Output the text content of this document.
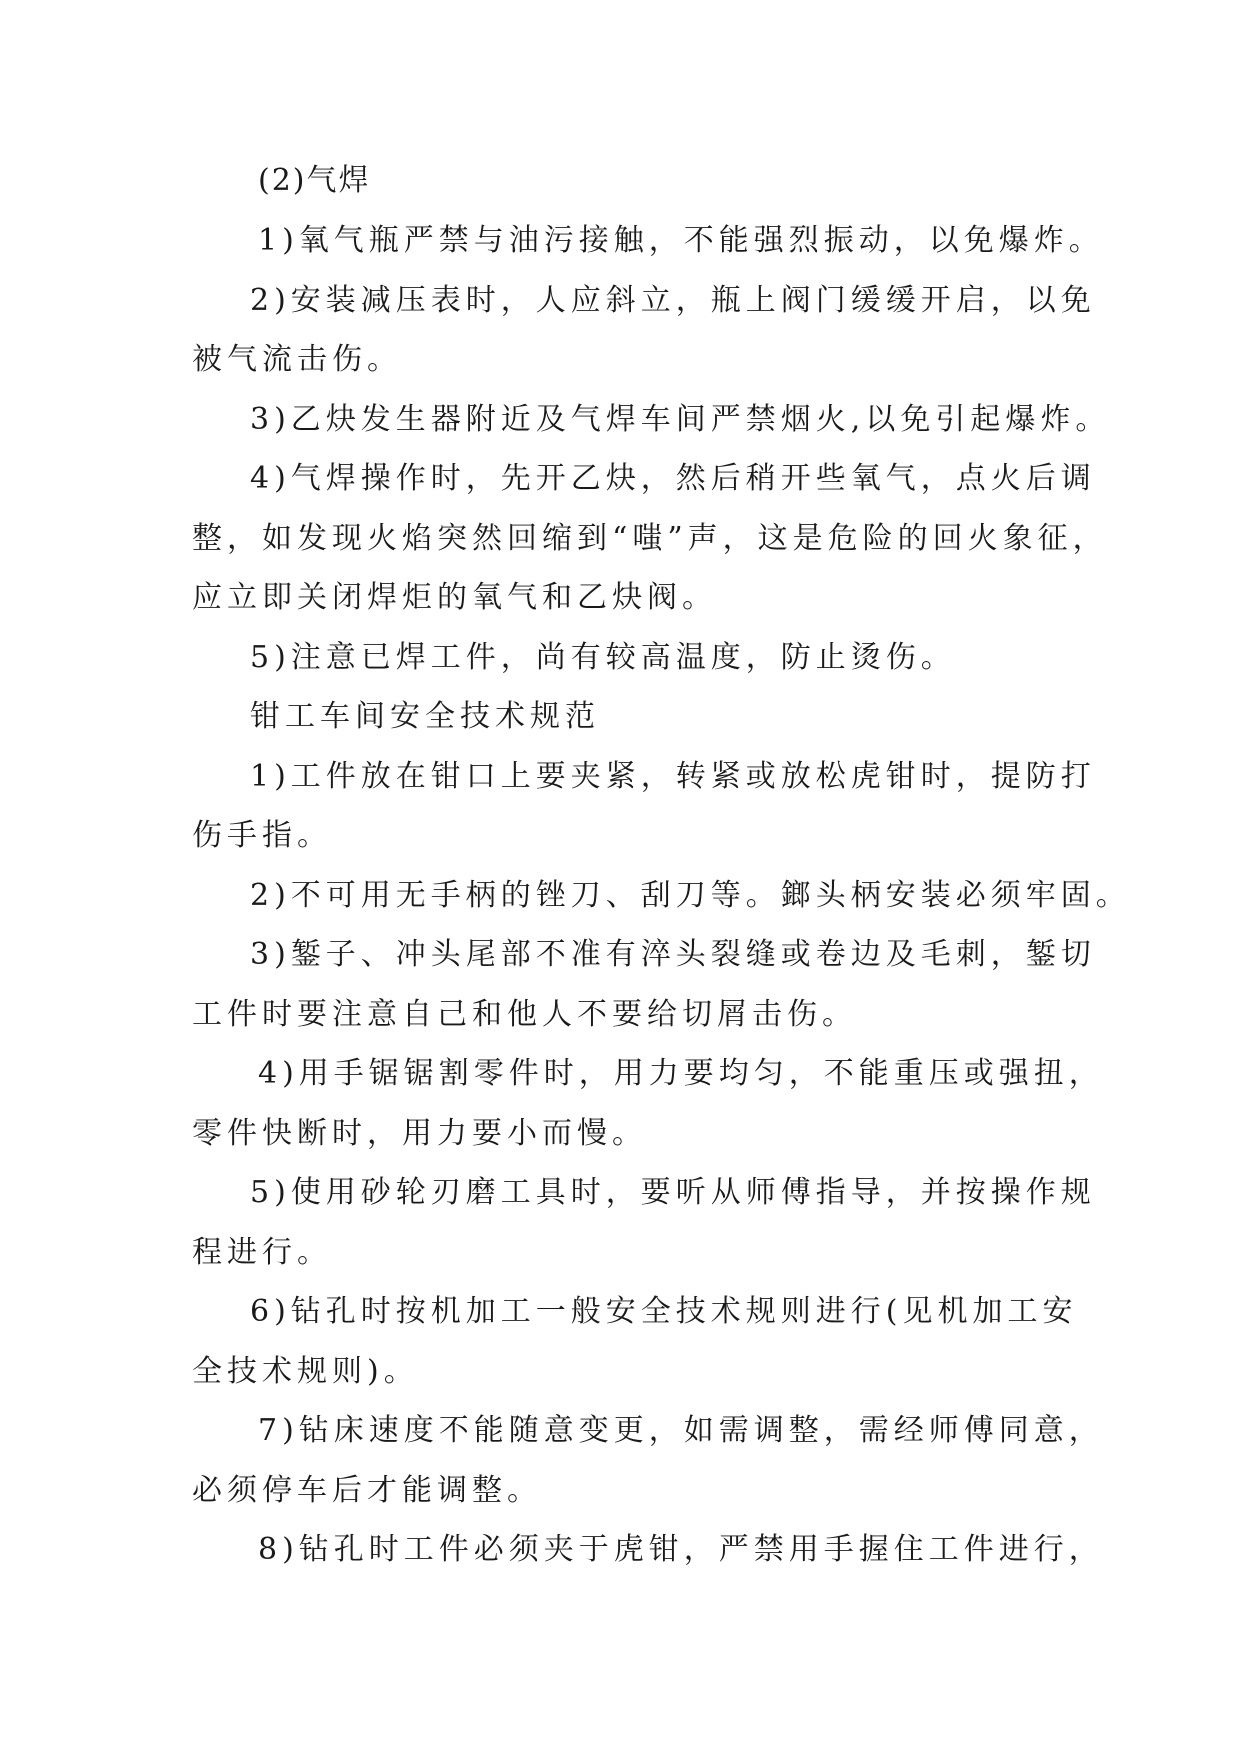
(2)气焊
1)氧气瓶严禁与油污接触，不能强烈振动，以免爆炸。
2)安装减压表时，人应斜立，瓶上阀门缓缓开启，以免
被气流击伤。
3)乙炔发生器附近及气焊车间严禁烟火,以免引起爆炸。
4)气焊操作时，先开乙炔，然后稍开些氧气，点火后调
整，如发现火焰突然回缩到“嗤”声，这是危险的回火象征，
应立即关闭焊炬的氧气和乙炔阀。
5)注意已焊工件，尚有较高温度，防止烫伤。
钳工车间安全技术规范
1)工件放在钳口上要夹紧，转紧或放松虎钳时，提防打
伤手指。
2)不可用无手柄的锉刀、刮刀等。鎯头柄安装必须牢固。
3)錾子、冲头尾部不准有淬头裂缝或卷边及毛刺，錾切
工件时要注意自己和他人不要给切屑击伤。
4)用手锯锯割零件时，用力要均匀，不能重压或强扭，
零件快断时，用力要小而慢。
5)使用砂轮刃磨工具时，要听从师傅指导，并按操作规
程进行。
6)钻孔时按机加工一般安全技术规则进行(见机加工安
全技术规则)。
7)钻床速度不能随意变更，如需调整，需经师傅同意，
必须停车后才能调整。
8)钻孔时工件必须夹于虎钳，严禁用手握住工件进行，
